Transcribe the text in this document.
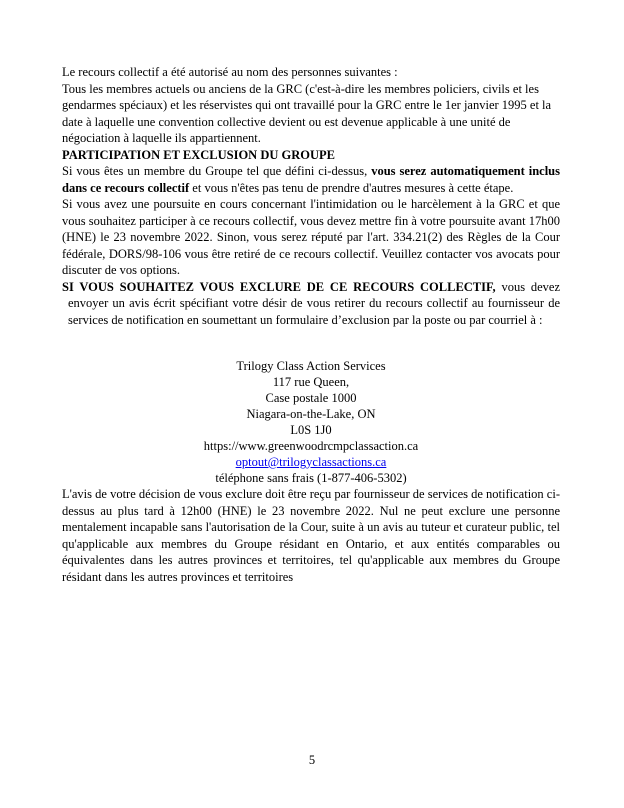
Le recours collectif a été autorisé au nom des personnes suivantes :

Tous les membres actuels ou anciens de la GRC (c'est-à-dire les membres policiers, civils et les gendarmes spéciaux) et les réservistes qui ont travaillé pour la GRC entre le 1er janvier 1995 et la date à laquelle une convention collective devient ou est devenue applicable à une unité de négociation à laquelle ils appartiennent.

PARTICIPATION ET EXCLUSION DU GROUPE

Si vous êtes un membre du Groupe tel que défini ci-dessus, vous serez automatiquement inclus dans ce recours collectif et vous n'êtes pas tenu de prendre d'autres mesures à cette étape.

Si vous avez une poursuite en cours concernant l'intimidation ou le harcèlement à la GRC et que vous souhaitez participer à ce recours collectif, vous devez mettre fin à votre poursuite avant 17h00 (HNE) le 23 novembre 2022. Sinon, vous serez réputé par l'art. 334.21(2) des Règles de la Cour fédérale, DORS/98-106 vous être retiré de ce recours collectif. Veuillez contacter vos avocats pour discuter de vos options.

SI VOUS SOUHAITEZ VOUS EXCLURE DE CE RECOURS COLLECTIF, vous devez envoyer un avis écrit spécifiant votre désir de vous retirer du recours collectif au fournisseur de services de notification en soumettant un formulaire d’exclusion par la poste ou par courriel à :

Trilogy Class Action Services
117 rue Queen,
Case postale 1000
Niagara-on-the-Lake, ON
L0S 1J0
https://www.greenwoodrcmpclassaction.ca
optout@trilogyclassactions.ca
téléphone sans frais (1-877-406-5302)

L'avis de votre décision de vous exclure doit être reçu par fournisseur de services de notification ci-dessus au plus tard à 12h00 (HNE) le 23 novembre 2022. Nul ne peut exclure une personne mentalement incapable sans l'autorisation de la Cour, suite à un avis au tuteur et curateur public, tel qu'applicable aux membres du Groupe résidant en Ontario, et aux entités comparables ou équivalentes dans les autres provinces et territoires, tel qu'applicable aux membres du Groupe résidant dans les autres provinces et territoires

5
